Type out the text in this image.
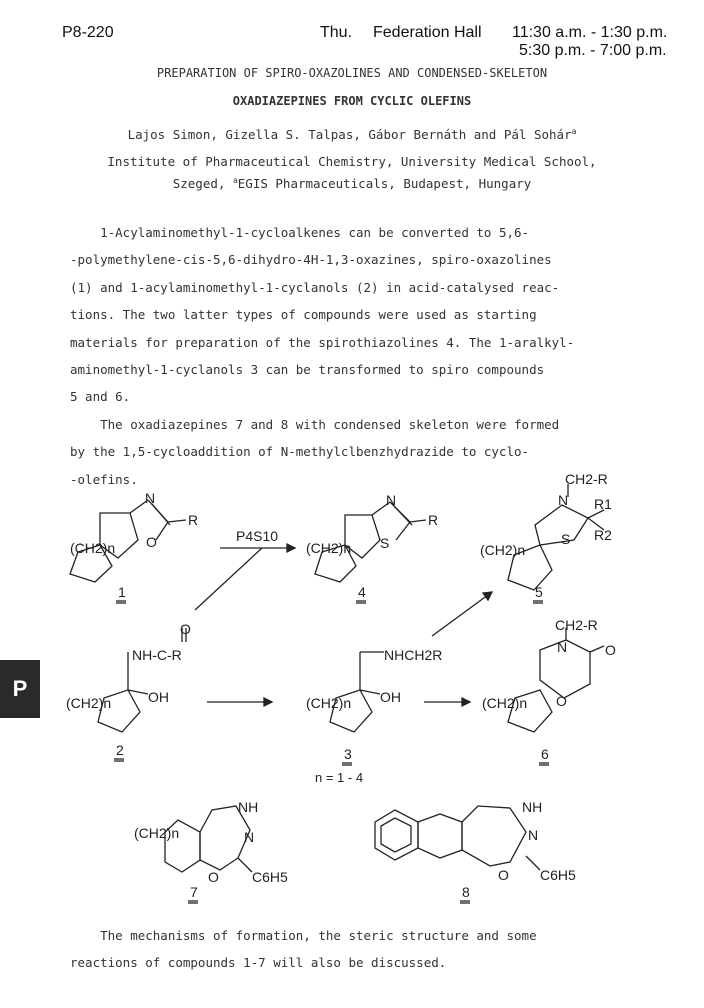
P8-220	Thu. Federation Hall 11:30 a.m. - 1:30 p.m.
5:30 p.m. - 7:00 p.m.
PREPARATION OF SPIRO-OXAZOLINES AND CONDENSED-SKELETON
OXADIAZEPINES FROM CYCLIC OLEFINS
Lajos Simon, Gizella S. Talpas, Gábor Bernáth and Pál Sohár$^a$
Institute of Pharmaceutical Chemistry, University Medical School,
Szeged, $^a$EGIS Pharmaceuticals, Budapest, Hungary
1-Acylaminomethyl-1-cycloalkenes can be converted to 5,6-
-polymethylene-cis-5,6-dihydro-4H-1,3-oxazines, spiro-oxazolines
(1) and 1-acylaminomethyl-1-cyclanols (2) in acid-catalysed reac-
tions. The two latter types of compounds were used as starting
materials for preparation of the spirothiazolines 4. The 1-aralkyl-
aminomethyl-1-cyclanols 3 can be transformed to spiro compounds
5 and 6.
The oxadiazepines 7 and 8 with condensed skeleton were formed
by the 1,5-cycloaddition of N-methylclbenzhydrazide to cyclo-
-olefins.
P
N
O
R
(CH2)n
1
P4S10
N
S
R
(CH2)n
4
CH2-R
N
S
R1
R2
(CH2)n
5
O
NH-C-R
OH
(CH2)n
2
NHCH2R
OH
(CH2)n
3
CH2-R
N	O
O
(CH2)n
6
n = 1 - 4
NH
N
O C6H5
(CH2)n
7
NH
N
O C6H5
8
The mechanisms of formation, the steric structure and some
reactions of compounds 1-7 will also be discussed.
